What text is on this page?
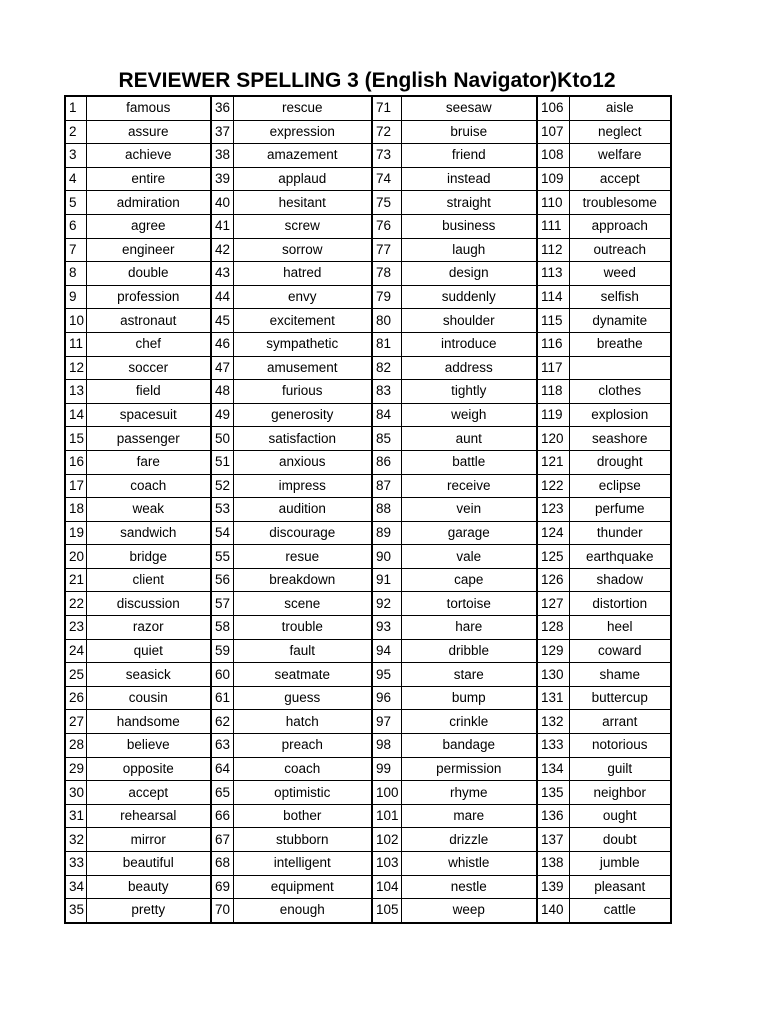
REVIEWER SPELLING 3 (English Navigator)Kto12
1	famous	36	rescue	71	seesaw	106	aisle
2	assure	37	expression	72	bruise	107	neglect
3	achieve	38	amazement	73	friend	108	welfare
4	entire	39	applaud	74	instead	109	accept
5	admiration	40	hesitant	75	straight	110	troublesome
6	agree	41	screw	76	business	111	approach
7	engineer	42	sorrow	77	laugh	112	outreach
8	double	43	hatred	78	design	113	weed
9	profession	44	envy	79	suddenly	114	selfish
10	astronaut	45	excitement	80	shoulder	115	dynamite
11	chef	46	sympathetic	81	introduce	116	breathe
12	soccer	47	amusement	82	address	117	
13	field	48	furious	83	tightly	118	clothes
14	spacesuit	49	generosity	84	weigh	119	explosion
15	passenger	50	satisfaction	85	aunt	120	seashore
16	fare	51	anxious	86	battle	121	drought
17	coach	52	impress	87	receive	122	eclipse
18	weak	53	audition	88	vein	123	perfume
19	sandwich	54	discourage	89	garage	124	thunder
20	bridge	55	resue	90	vale	125	earthquake
21	client	56	breakdown	91	cape	126	shadow
22	discussion	57	scene	92	tortoise	127	distortion
23	razor	58	trouble	93	hare	128	heel
24	quiet	59	fault	94	dribble	129	coward
25	seasick	60	seatmate	95	stare	130	shame
26	cousin	61	guess	96	bump	131	buttercup
27	handsome	62	hatch	97	crinkle	132	arrant
28	believe	63	preach	98	bandage	133	notorious
29	opposite	64	coach	99	permission	134	guilt
30	accept	65	optimistic	100	rhyme	135	neighbor
31	rehearsal	66	bother	101	mare	136	ought
32	mirror	67	stubborn	102	drizzle	137	doubt
33	beautiful	68	intelligent	103	whistle	138	jumble
34	beauty	69	equipment	104	nestle	139	pleasant
35	pretty	70	enough	105	weep	140	cattle
